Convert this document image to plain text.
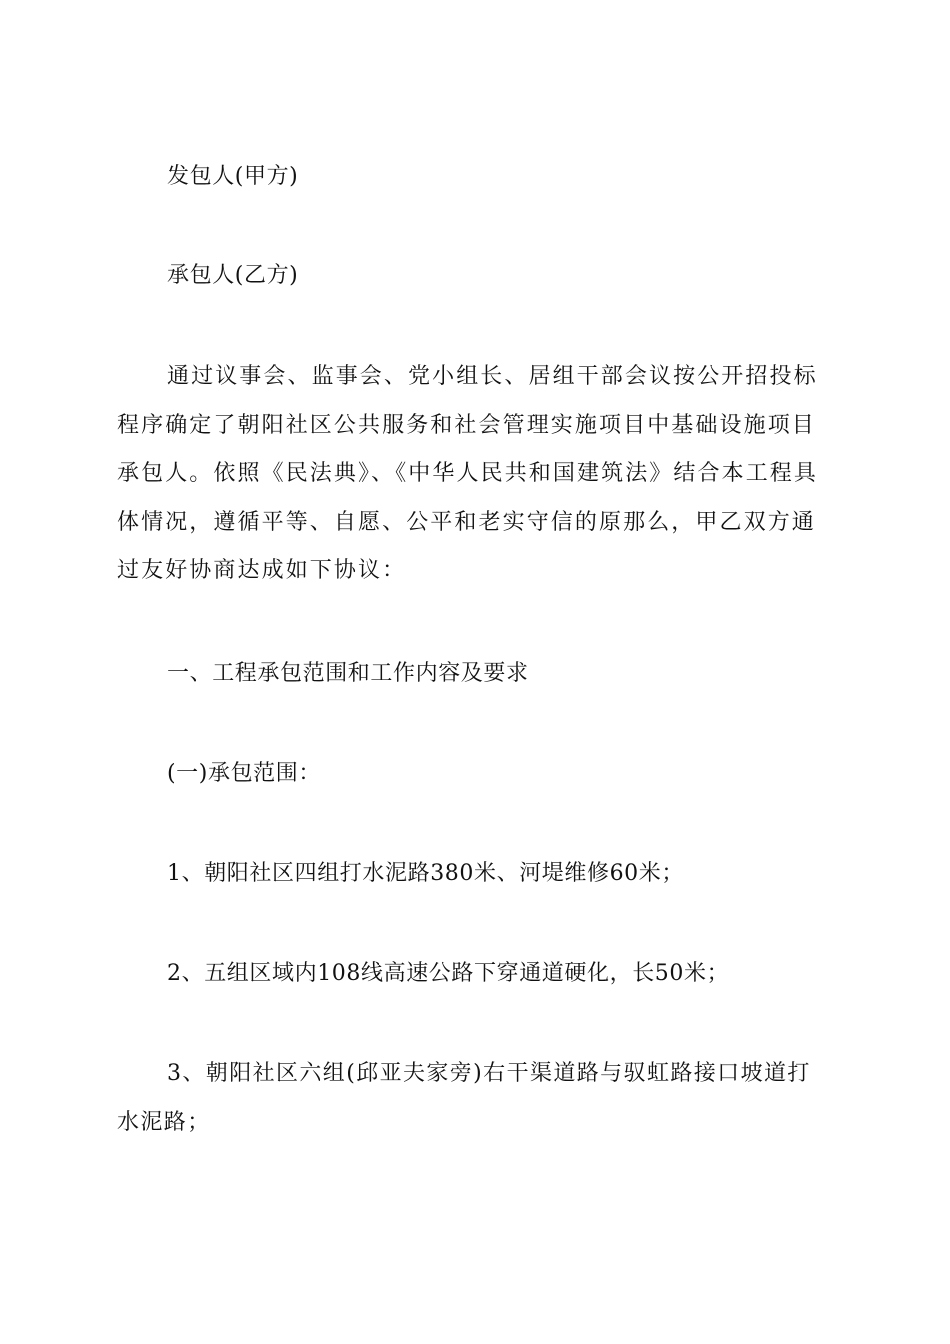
发包人(甲方)

承包人(乙方)

通过议事会、监事会、党小组长、居组干部会议按公开招投标程序确定了朝阳社区公共服务和社会管理实施项目中基础设施项目承包人。依照《民法典》、《中华人民共和国建筑法》结合本工程具体情况，遵循平等、自愿、公平和老实守信的原那么，甲乙双方通过友好协商达成如下协议：

一、工程承包范围和工作内容及要求

(一)承包范围：

1、朝阳社区四组打水泥路380米、河堤维修60米；

2、五组区域内108线高速公路下穿通道硬化，长50米；

3、朝阳社区六组(邱亚夫家旁)右干渠道路与驭虹路接口坡道打水泥路；
